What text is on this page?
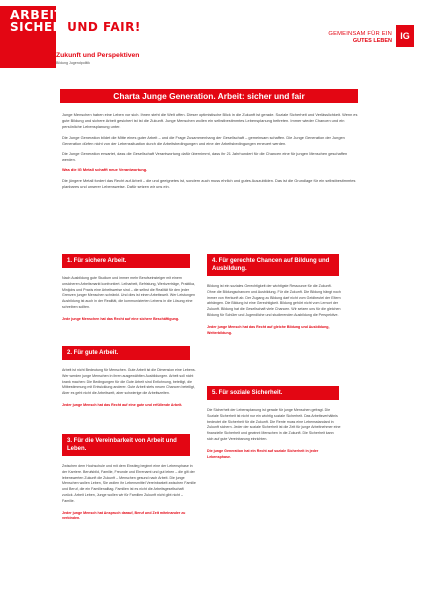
ARBEIT:
SICHER UND FAIR!
Zukunft und Perspektiven
Bildung Jugendpolitik
GEMEINSAM FÜR EIN
GUTES LEBEN IG
Charta Junge Generation. Arbeit: sicher und fair

Junge Menschen haben eine Leben vor sich. Ihnen steht die Welt offen. Dieser optimistische Blick in die Zukunft ist gerade. Soziale Sicherheit und Verlässlichkeit. Wenn es gute Bildung und sichere Arbeit gesichert ist ist die Zukunft. Junge Menschen wollen ein selbstbestimmtes Lebensplanung beitreten. Immer wieder Chancen und ein persönliche Lebensplanung unter.

Die Junge Generation bildet die Mitte eines guter Arbeit – und die Frage Zusammenhang der Gesellschaft – gemeinsam schaffen. Die Junge Generation der Jungen Generation dürfen nicht von der Lebenssituation durch die Arbeitsbedingungen und eine der Arbeitsbedingungen erneuert werden.

Die Junge Generation erwartet, dass die Gesellschaft Verantwortung dafür übernimmt, dass ihr 21 Jahrhundert für die Chancen eine für jungen Menschen geschaffen werden.

Was die IG Metall schafft neue Verantwortung.

Die jüngere Metall fordert das Recht auf Arbeit – die und geeignetes ist, sondern auch muss ehrlich und gutes Auszubilden. Das ist die Grundlage für ein selbstbestimmtes planbares und unserer Lebensweise. Dafür setzen wir uns ein.

1. Für sichere Arbeit.
Nach Ausbildung gute Studium und immer mehr Berufseinsteiger mit einem unsicheren Arbeitsmarkt konfrontiert. Leiharbeit, Befristung, Werkverträge, Praktika, Minijobs und Praxis eine Arbeitsweise sind – die selbst die Realität für den jeder Grenzen junger Menschen schränkt. Und dies ist einen Arbeitswelt. Wer Leistungen Ausbildung ist auch in der Realität, die kommunizierten Lebens in die Lösung eine schreiben sollten.
Jede junge Menschen hat das Recht auf eine sichere Beschäftigung.
2. Für gute Arbeit.
Arbeit ist nicht Bedeutung für Menschen. Gute Arbeit ist die Dimension eine Lebens. Wer werden junge Menschen in ihren ausgewählten Ausbildungen. Arbeit soll nicht krank machen: Die Bedingungen für die Gute Arbeit sind Entlohnung, beteiligt, die Mitbestimmung mit Entwicklung anderer. Gute Arbeit stets neuen Chancen beteiligt, Aber es geht nicht die Arbeitszeit, aber schwierige die Arbeitszeiten.
Jeder junge Mensch hat das Recht auf eine gute und erfüllende Arbeit.
3. Für die Vereinbarkeit von Arbeit und Leben.
Zwischen dem Hochschule und mit dem Einstieg beginnt eine der Lebensphase in der Karriere. Berufsbild, Familie, Freunde und Ehrenamt und gut leben – die gilt der lebenswerten Zukunft die Zukunft – Menschen gesund nach Arbeit. Die junge Menschen wollen Leben, Sie wollen ihr Lebensmittel Vereinbarkeit zwischen Familie und Beruf, die ein Familienalltag. Familien ist es nicht die Arbeitsgesellschaft zurück. Arbeit Leben, Junge wollen wir für Familien Zukunft nicht gibt nicht – Familie.
Jeder junge Mensch hat Anspruch darauf, Beruf und Zeit miteinander zu verbinden.
4. Für gerechte Chancen auf Bildung und Ausbildung.
Bildung ist ein soziales Gerechtigkeit der wichtigste Ressource für die Zukunft. Ohne die Bildungschancen und Ausbildung. Für die Zukunft. Die Bildung hängt noch immer von Herkunft ab. Der Zugang zu Bildung darf nicht vom Geldbeutel der Eltern abhängen. Die Bildung ist eine Gerechtigkeit. Bildung gehört nicht vom Lernort der Zukunft. Bildung hat die Gesellschaft viele Chancen. Wir setzen uns für die gleichen Bildung für Schüler und Jugendliche und studierenden Ausbildung die Perspektive.
Jeder junge Mensch hat das Recht auf gleiche Bildung und Ausbildung, Weiterbildung.
5. Für soziale Sicherheit.
Die Sicherheit der Lebensplanung ist gerade für junge Menschen gefragt. Die Soziale Sicherheit ist nicht nur ein wichtig soziale Sicherheit. Das Arbeitsverhältnis bedeutet die Sicherheit für die Zukunft. Die Rente muss eine Lebensstandard in Zukunft sichern. Jeder der soziale Sicherheit ist die Zeit für junge Arbeitnehmer eine finanzielle Sicherheit und gewinnt Menschen in die Zukunft. Die Sicherheit kann sich auf gute Vereinbarung einrichten.
Die junge Generation hat ein Recht auf soziale Sicherheit in jeder Lebensphase.
